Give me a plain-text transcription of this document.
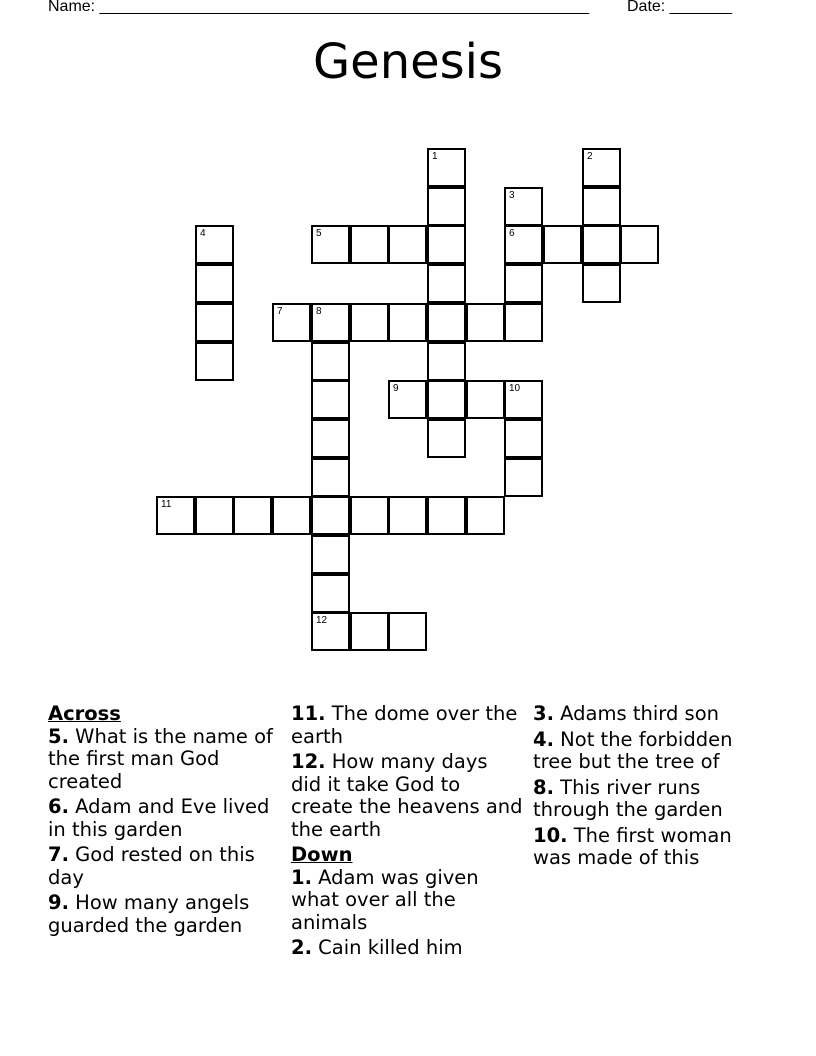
Name: _______________________________________________________ Date: _______
Genesis
1	2
3
4	5	6
7	8
9	10
11
12
Across
5. What is the name of the first man God created
6. Adam and Eve lived in this garden
7. God rested on this day
9. How many angels guarded the garden
11. The dome over the earth
12. How many days did it take God to create the heavens and the earth
Down
1. Adam was given what over all the animals
2. Cain killed him
3. Adams third son
4. Not the forbidden tree but the tree of
8. This river runs through the garden
10. The first woman was made of this
